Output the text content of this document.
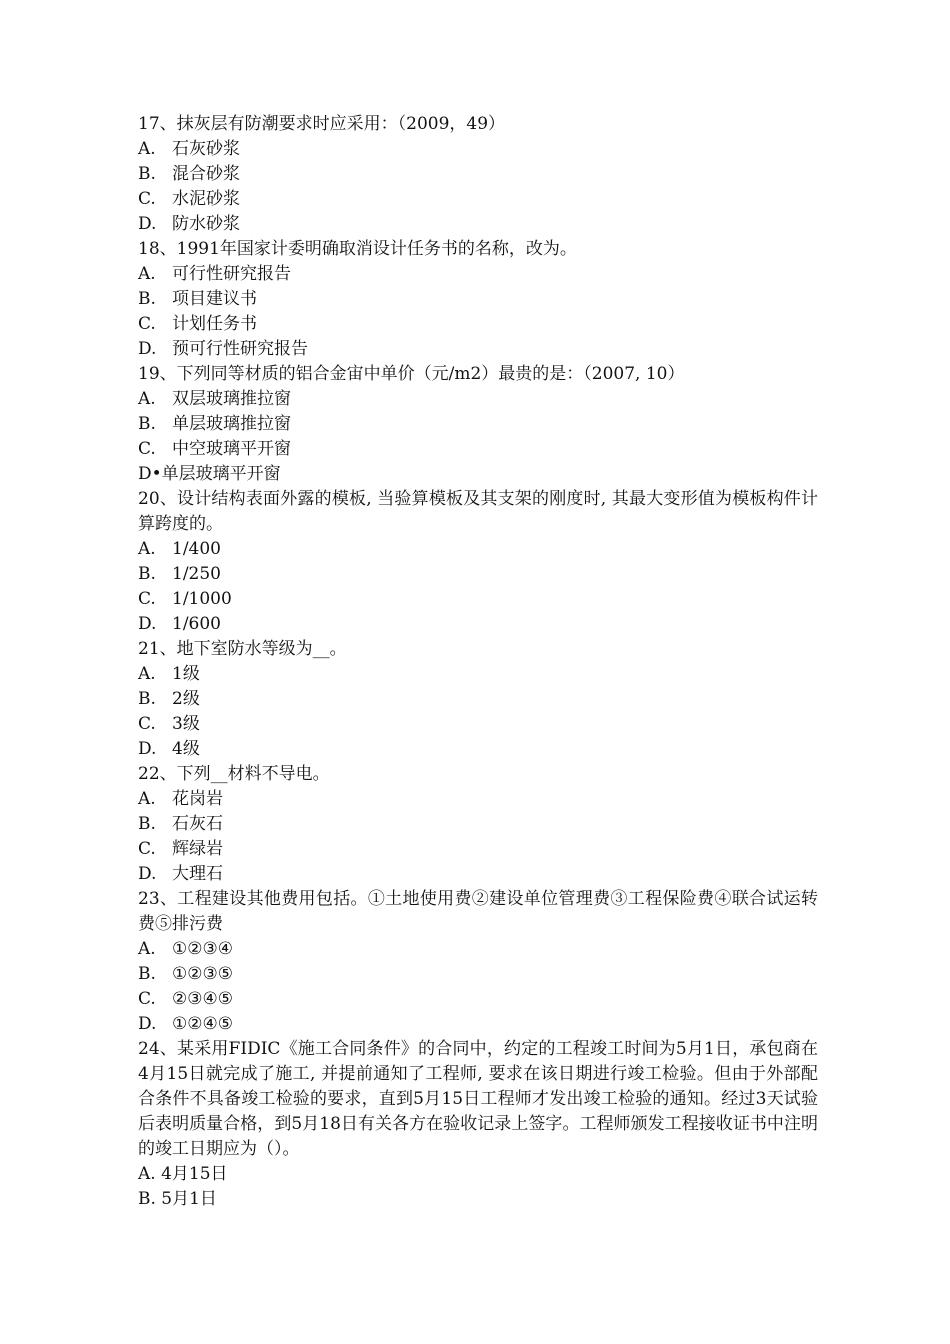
17、抹灰层有防潮要求时应采用：（2009，49）
A. 石灰砂浆
B. 混合砂浆
C. 水泥砂浆
D. 防水砂浆
18、1991年国家计委明确取消设计任务书的名称，改为。
A. 可行性研究报告
B. 项目建议书
C. 计划任务书
D. 预可行性研究报告
19、下列同等材质的铝合金宙中单价（元/m2）最贵的是：（2007, 10）
A. 双层玻璃推拉窗
B. 单层玻璃推拉窗
C. 中空玻璃平开窗
D•单层玻璃平开窗
20、设计结构表面外露的模板, 当验算模板及其支架的刚度时, 其最大变形值为模板构件计算跨度的。
A. 1/400
B. 1/250
C. 1/1000
D. 1/600
21、地下室防水等级为__。
A. 1级
B. 2级
C. 3级
D. 4级
22、下列__材料不导电。
A. 花岗岩
B. 石灰石
C. 辉绿岩
D. 大理石
23、工程建设其他费用包括。①土地使用费②建设单位管理费③工程保险费④联合试运转费⑤排污费
A. ①②③④
B. ①②③⑤
C. ②③④⑤
D. ①②④⑤
24、某采用FIDIC《施工合同条件》的合同中，约定的工程竣工时间为5月1日，承包商在4月15日就完成了施工, 并提前通知了工程师, 要求在该日期进行竣工检验。但由于外部配合条件不具备竣工检验的要求，直到5月15日工程师才发出竣工检验的通知。经过3天试验后表明质量合格，到5月18日有关各方在验收记录上签字。工程师颁发工程接收证书中注明的竣工日期应为（）。
A. 4月15日
B. 5月1日
